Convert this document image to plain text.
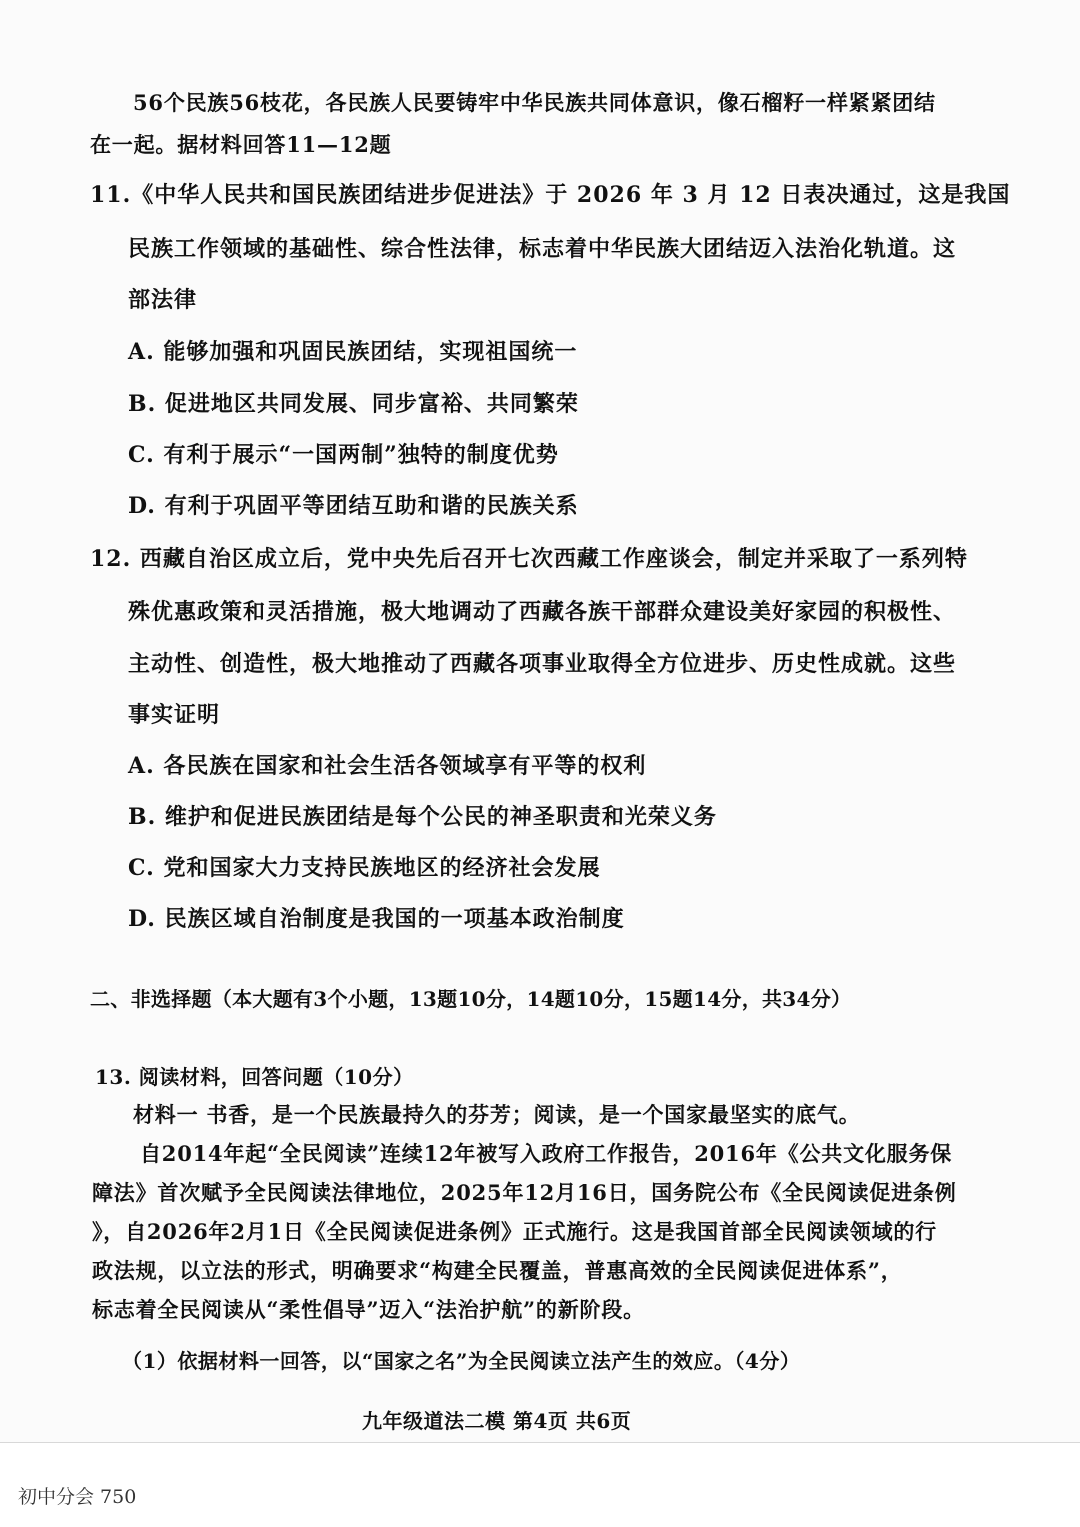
56个民族56枝花，各民族人民要铸牢中华民族共同体意识，像石榴籽一样紧紧团结

在一起。据材料回答11—12题

11.《中华人民共和国民族团结进步促进法》于 2026 年 3 月 12 日表决通过，这是我国

民族工作领域的基础性、综合性法律，标志着中华民族大团结迈入法治化轨道。这

部法律

A. 能够加强和巩固民族团结，实现祖国统一

B. 促进地区共同发展、同步富裕、共同繁荣

C. 有利于展示“一国两制”独特的制度优势

D. 有利于巩固平等团结互助和谐的民族关系

12. 西藏自治区成立后，党中央先后召开七次西藏工作座谈会，制定并采取了一系列特

殊优惠政策和灵活措施，极大地调动了西藏各族干部群众建设美好家园的积极性、

主动性、创造性，极大地推动了西藏各项事业取得全方位进步、历史性成就。这些

事实证明

A. 各民族在国家和社会生活各领域享有平等的权利

B. 维护和促进民族团结是每个公民的神圣职责和光荣义务

C. 党和国家大力支持民族地区的经济社会发展

D. 民族区域自治制度是我国的一项基本政治制度

二、非选择题（本大题有3个小题，13题10分，14题10分，15题14分，共34分）

13. 阅读材料，回答问题（10分）

材料一 书香，是一个民族最持久的芬芳；阅读，是一个国家最坚实的底气。

自2014年起“全民阅读”连续12年被写入政府工作报告，2016年《公共文化服务保

障法》首次赋予全民阅读法律地位，2025年12月16日，国务院公布《全民阅读促进条例

》，自2026年2月1日《全民阅读促进条例》正式施行。这是我国首部全民阅读领域的行

政法规，以立法的形式，明确要求“构建全民覆盖，普惠高效的全民阅读促进体系”，

标志着全民阅读从“柔性倡导”迈入“法治护航”的新阶段。

（1）依据材料一回答，以“国家之名”为全民阅读立法产生的效应。（4分）

九年级道法二模 第4页 共6页

初中分会 750
